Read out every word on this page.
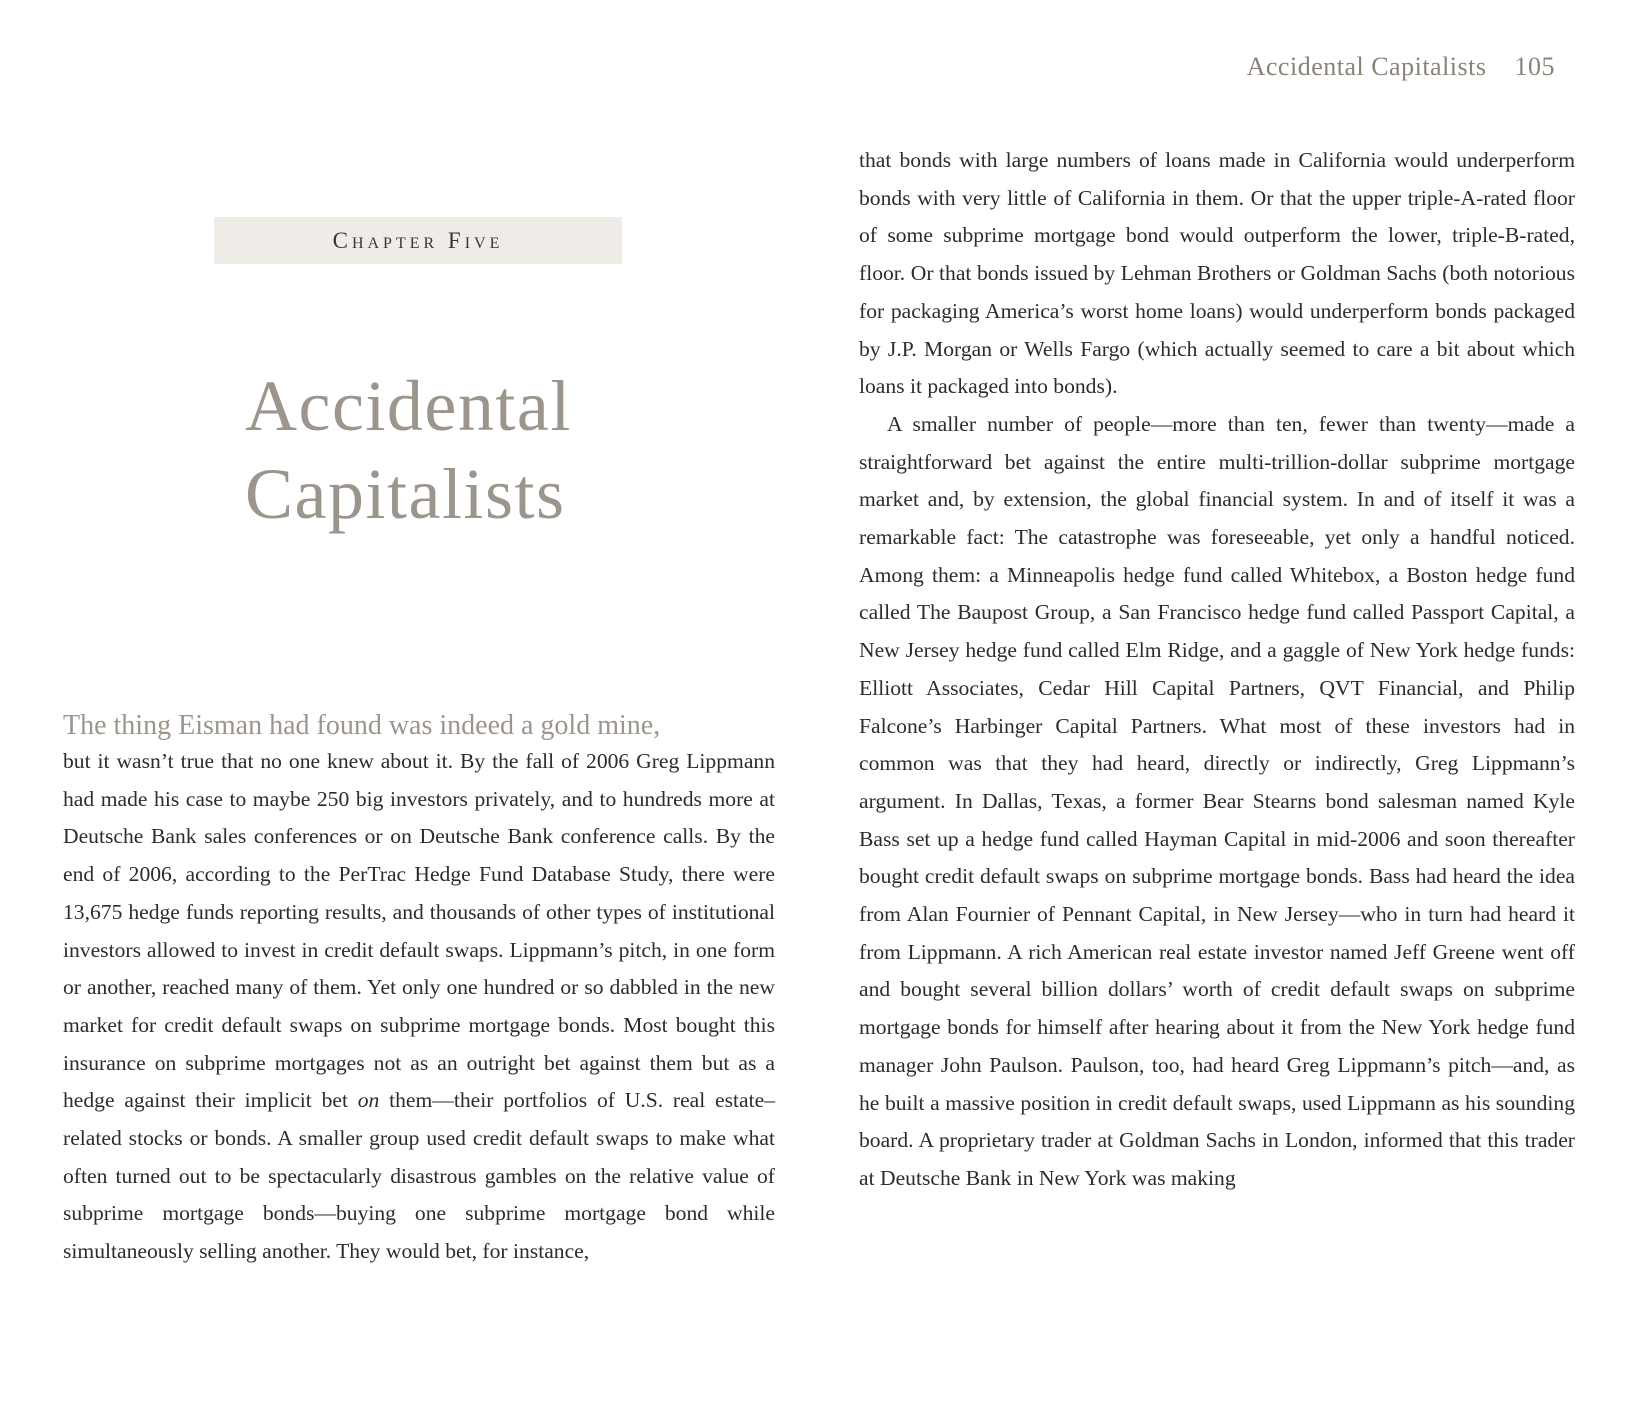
Accidental Capitalists 105
Chapter Five
Accidental
Capitalists
The thing Eisman had found was indeed a gold mine,

but it wasn’t true that no one knew about it. By the fall of 2006 Greg Lippmann had made his case to maybe 250 big investors privately, and to hundreds more at Deutsche Bank sales conferences or on Deutsche Bank conference calls. By the end of 2006, according to the PerTrac Hedge Fund Database Study, there were 13,675 hedge funds reporting results, and thousands of other types of institutional investors allowed to invest in credit default swaps. Lippmann’s pitch, in one form or another, reached many of them. Yet only one hundred or so dabbled in the new market for credit default swaps on subprime mortgage bonds. Most bought this insurance on subprime mortgages not as an outright bet against them but as a hedge against their implicit bet on them—their portfolios of U.S. real estate–related stocks or bonds. A smaller group used credit default swaps to make what often turned out to be spectacularly disastrous gambles on the relative value of subprime mortgage bonds—buying one subprime mortgage bond while simultaneously selling another. They would bet, for instance,

that bonds with large numbers of loans made in California would underperform bonds with very little of California in them. Or that the upper triple-A-rated floor of some subprime mortgage bond would outperform the lower, triple-B-rated, floor. Or that bonds issued by Lehman Brothers or Goldman Sachs (both notorious for packaging America’s worst home loans) would underperform bonds packaged by J.P. Morgan or Wells Fargo (which actually seemed to care a bit about which loans it packaged into bonds).

A smaller number of people—more than ten, fewer than twenty—made a straightforward bet against the entire multi-trillion-dollar subprime mortgage market and, by extension, the global financial system. In and of itself it was a remarkable fact: The catastrophe was foreseeable, yet only a handful noticed. Among them: a Minneapolis hedge fund called Whitebox, a Boston hedge fund called The Baupost Group, a San Francisco hedge fund called Passport Capital, a New Jersey hedge fund called Elm Ridge, and a gaggle of New York hedge funds: Elliott Associates, Cedar Hill Capital Partners, QVT Financial, and Philip Falcone’s Harbinger Capital Partners. What most of these investors had in common was that they had heard, directly or indirectly, Greg Lippmann’s argument. In Dallas, Texas, a former Bear Stearns bond salesman named Kyle Bass set up a hedge fund called Hayman Capital in mid-2006 and soon thereafter bought credit default swaps on subprime mortgage bonds. Bass had heard the idea from Alan Fournier of Pennant Capital, in New Jersey—who in turn had heard it from Lippmann. A rich American real estate investor named Jeff Greene went off and bought several billion dollars’ worth of credit default swaps on subprime mortgage bonds for himself after hearing about it from the New York hedge fund manager John Paulson. Paulson, too, had heard Greg Lippmann’s pitch—and, as he built a massive position in credit default swaps, used Lippmann as his sounding board. A proprietary trader at Goldman Sachs in London, informed that this trader at Deutsche Bank in New York was making
